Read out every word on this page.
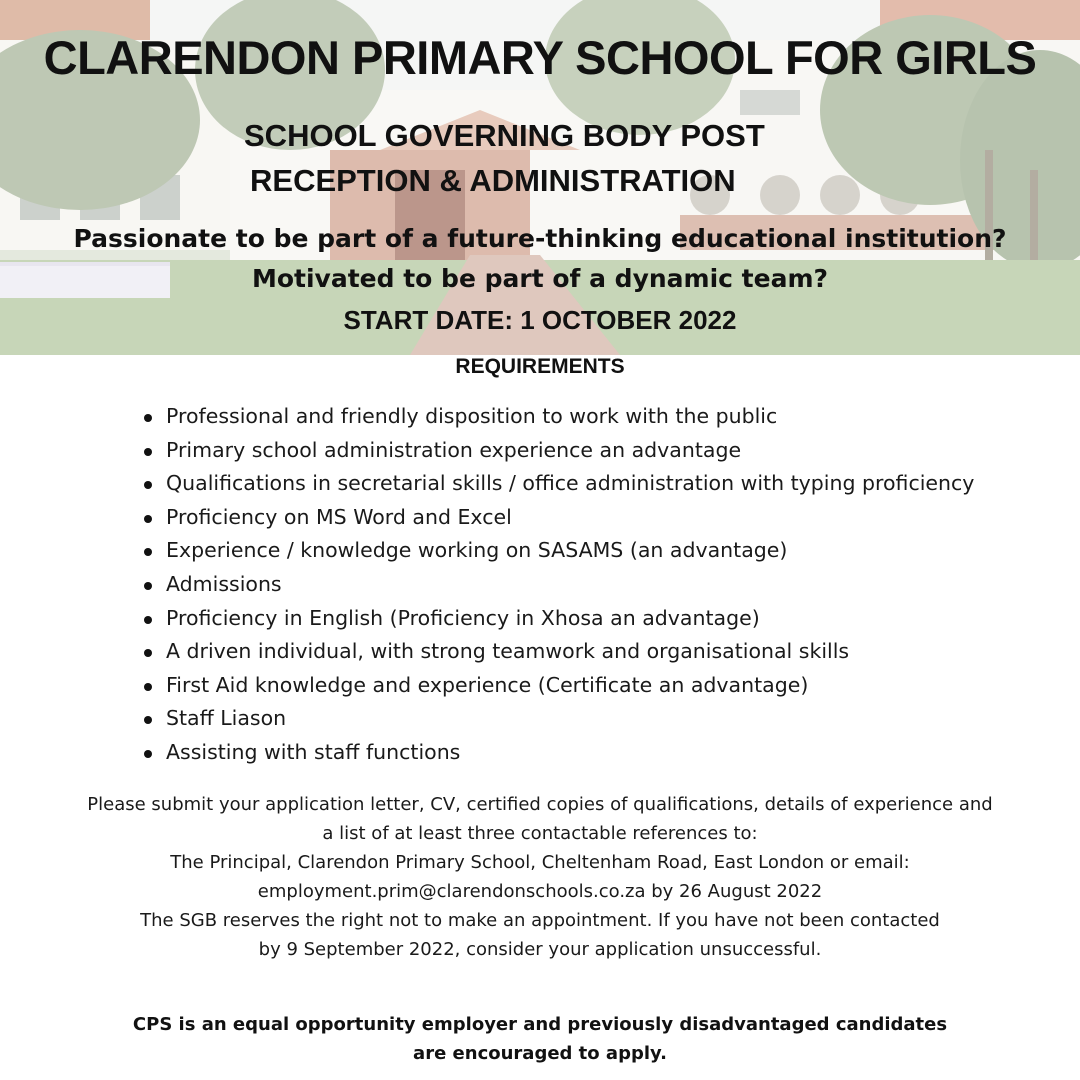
CLARENDON PRIMARY SCHOOL FOR GIRLS
SCHOOL GOVERNING BODY POST
RECEPTION & ADMINISTRATION
Passionate to be part of a future-thinking educational institution?
Motivated to be part of a dynamic team?
START DATE: 1 OCTOBER 2022
REQUIREMENTS
Professional and friendly disposition to work with the public
Primary school administration experience an advantage
Qualifications in secretarial skills / office administration with typing proficiency
Proficiency on MS Word and Excel
Experience / knowledge working on SASAMS (an advantage)
Admissions
Proficiency in English (Proficiency in Xhosa an advantage)
A driven individual, with strong teamwork and organisational skills
First Aid knowledge and experience (Certificate an advantage)
Staff Liason
Assisting with staff functions

Please submit your application letter, CV, certified copies of qualifications, details of experience and
a list of at least three contactable references to:
The Principal, Clarendon Primary School, Cheltenham Road, East London or email:
employment.prim@clarendonschools.co.za by 26 August 2022
The SGB reserves the right not to make an appointment. If you have not been contacted
by 9 September 2022, consider your application unsuccessful.

CPS is an equal opportunity employer and previously disadvantaged candidates
are encouraged to apply.
